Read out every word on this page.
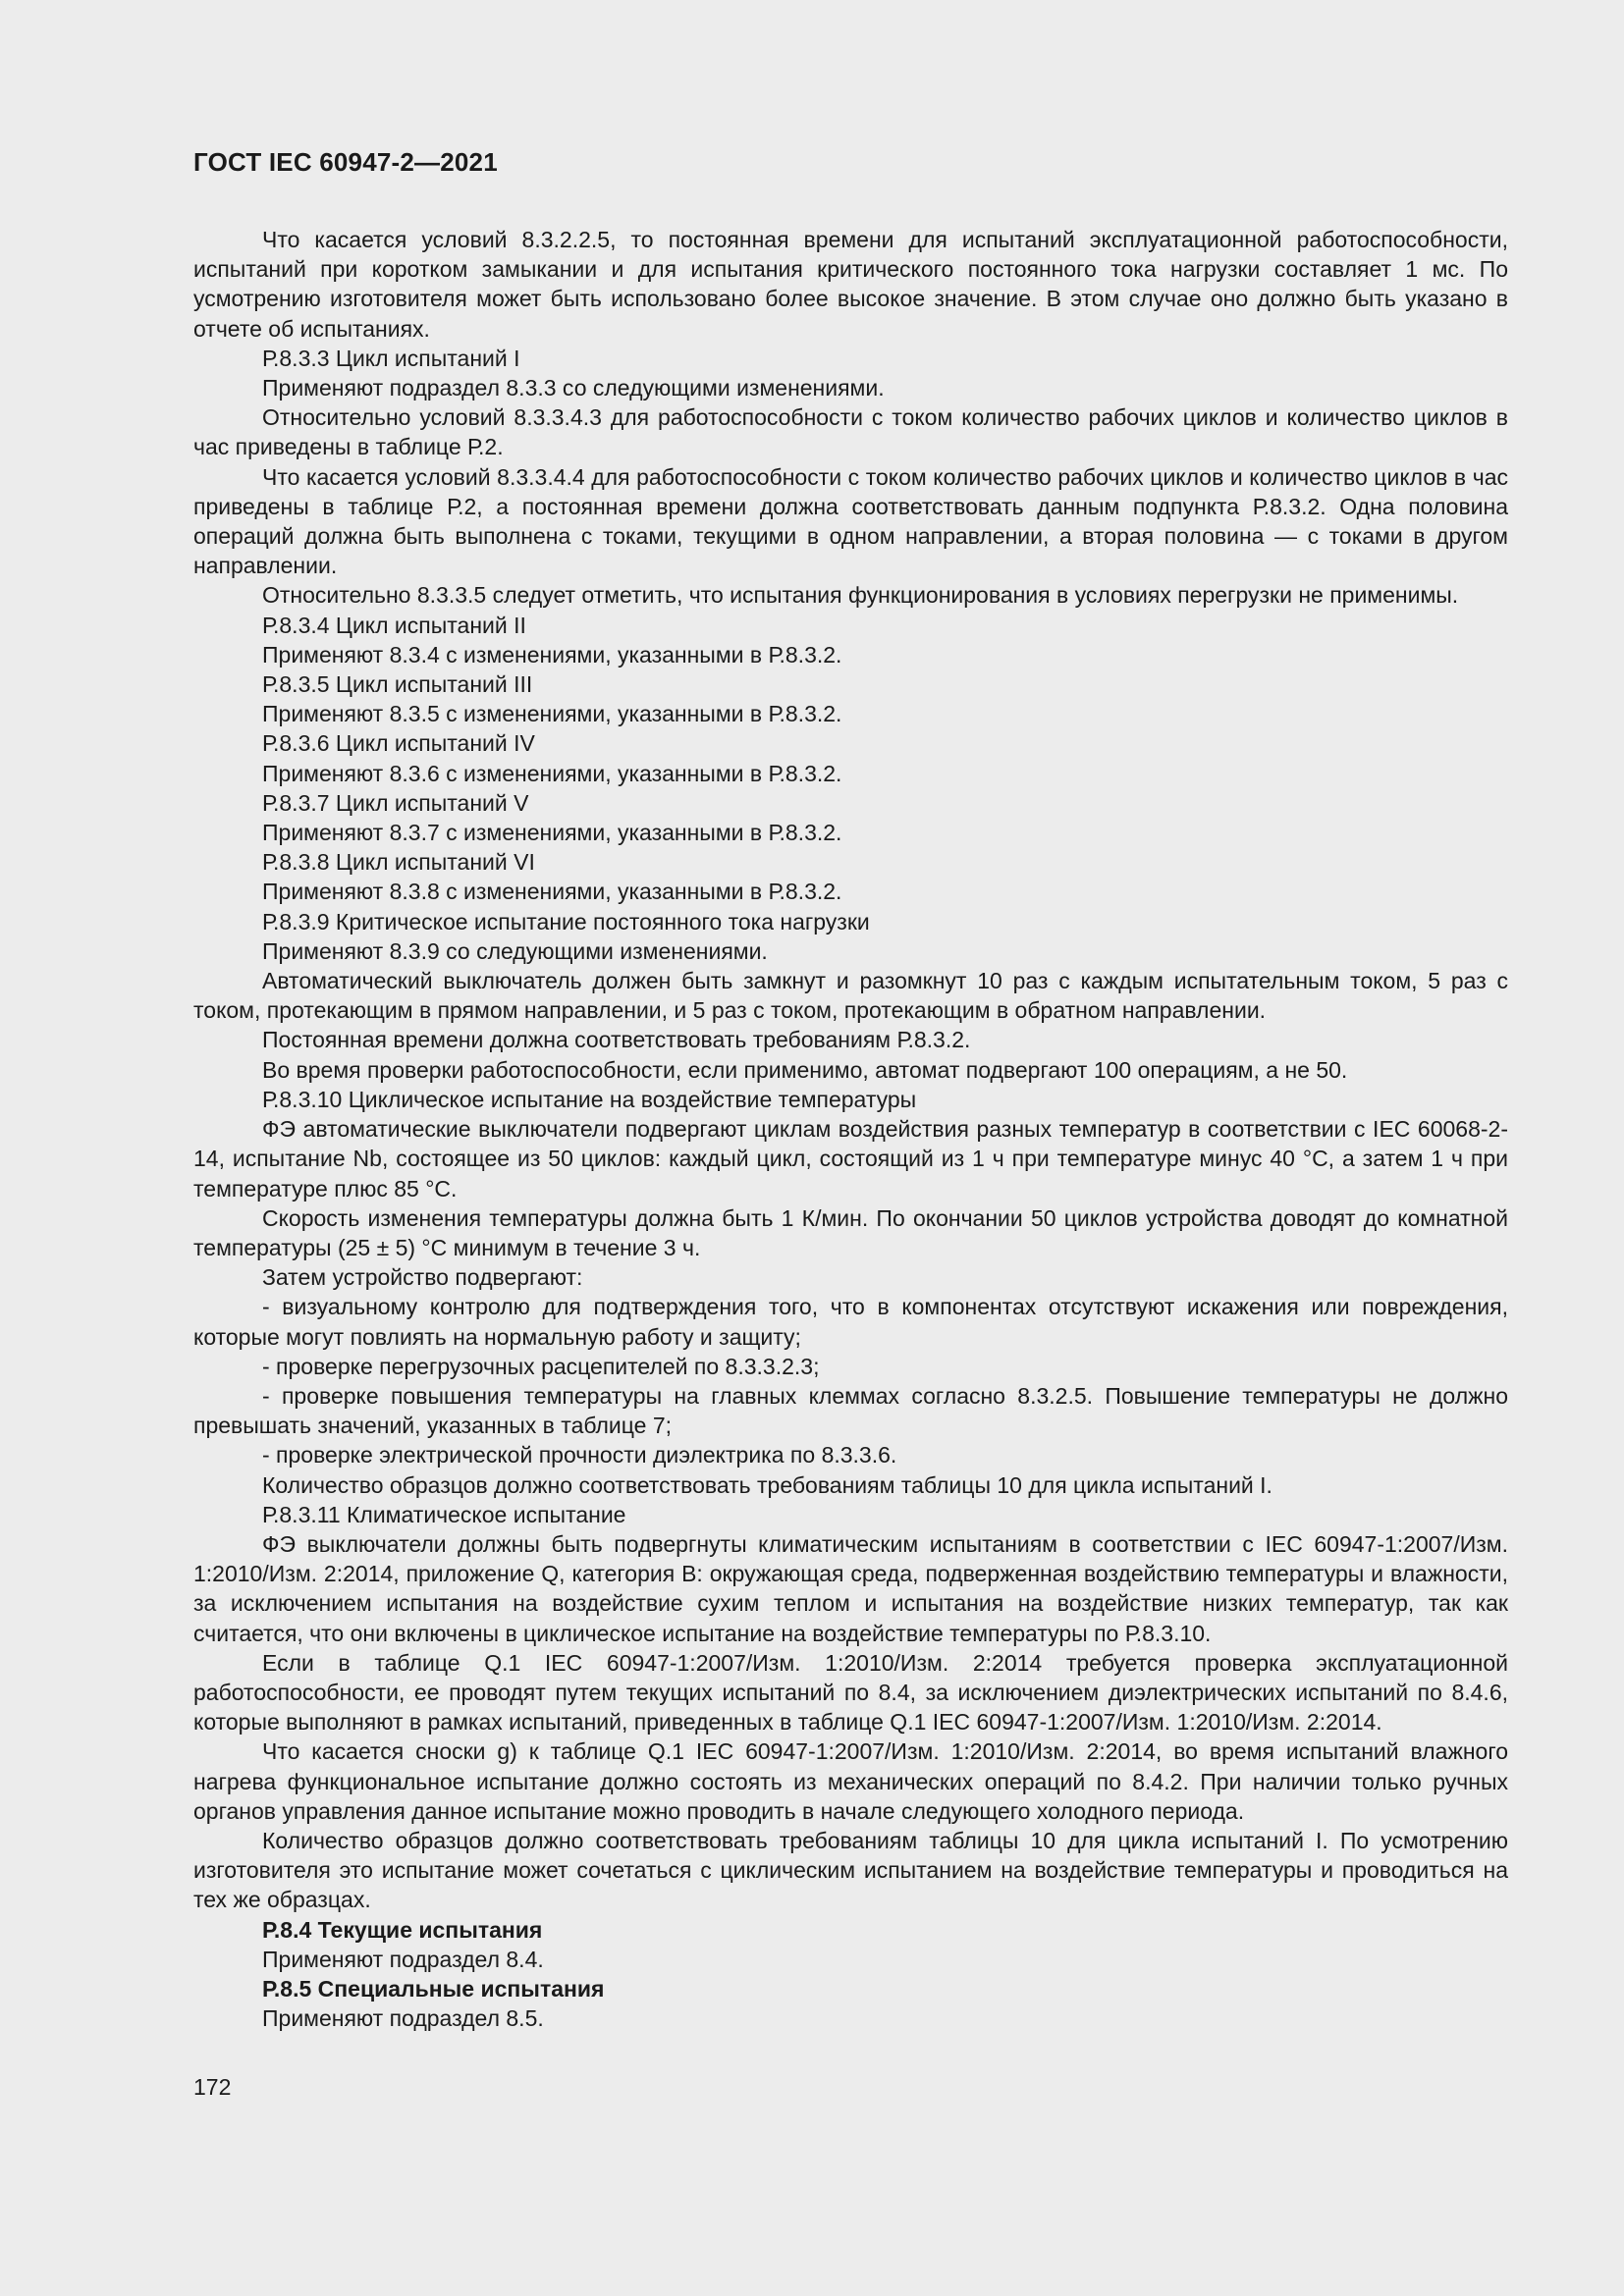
ГОСТ IEC 60947-2—2021

Что касается условий 8.3.2.2.5, то постоянная времени для испытаний эксплуатационной работоспособности, испытаний при коротком замыкании и для испытания критического постоянного тока нагрузки составляет 1 мс. По усмотрению изготовителя может быть использовано более высокое значение. В этом случае оно должно быть указано в отчете об испытаниях.

Р.8.3.3 Цикл испытаний I

Применяют подраздел 8.3.3 со следующими изменениями.

Относительно условий 8.3.3.4.3 для работоспособности с током количество рабочих циклов и количество циклов в час приведены в таблице Р.2.

Что касается условий 8.3.3.4.4 для работоспособности с током количество рабочих циклов и количество циклов в час приведены в таблице Р.2, а постоянная времени должна соответствовать данным подпункта Р.8.3.2. Одна половина операций должна быть выполнена с токами, текущими в одном направлении, а вторая половина — с токами в другом направлении.

Относительно 8.3.3.5 следует отметить, что испытания функционирования в условиях перегрузки не применимы.

Р.8.3.4 Цикл испытаний II

Применяют 8.3.4 с изменениями, указанными в Р.8.3.2.

Р.8.3.5 Цикл испытаний III

Применяют 8.3.5 с изменениями, указанными в Р.8.3.2.

Р.8.3.6 Цикл испытаний IV

Применяют 8.3.6 с изменениями, указанными в Р.8.3.2.

Р.8.3.7 Цикл испытаний V

Применяют 8.3.7 с изменениями, указанными в Р.8.3.2.

Р.8.3.8 Цикл испытаний VI

Применяют 8.3.8 с изменениями, указанными в Р.8.3.2.

Р.8.3.9 Критическое испытание постоянного тока нагрузки

Применяют 8.3.9 со следующими изменениями.

Автоматический выключатель должен быть замкнут и разомкнут 10 раз с каждым испытательным током, 5 раз с током, протекающим в прямом направлении, и 5 раз с током, протекающим в обратном направлении.

Постоянная времени должна соответствовать требованиям Р.8.3.2.

Во время проверки работоспособности, если применимо, автомат подвергают 100 операциям, а не 50.

Р.8.3.10 Циклическое испытание на воздействие температуры

ФЭ автоматические выключатели подвергают циклам воздействия разных температур в соответствии с IEC 60068-2-14, испытание Nb, состоящее из 50 циклов: каждый цикл, состоящий из 1 ч при температуре минус 40 °С, а затем 1 ч при температуре плюс 85 °С.

Скорость изменения температуры должна быть 1 К/мин. По окончании 50 циклов устройства доводят до комнатной температуры (25 ± 5) °С минимум в течение 3 ч.

Затем устройство подвергают:

- визуальному контролю для подтверждения того, что в компонентах отсутствуют искажения или повреждения, которые могут повлиять на нормальную работу и защиту;

- проверке перегрузочных расцепителей по 8.3.3.2.3;

- проверке повышения температуры на главных клеммах согласно 8.3.2.5. Повышение температуры не должно превышать значений, указанных в таблице 7;

- проверке электрической прочности диэлектрика по 8.3.3.6.

Количество образцов должно соответствовать требованиям таблицы 10 для цикла испытаний I.

Р.8.3.11 Климатическое испытание

ФЭ выключатели должны быть подвергнуты климатическим испытаниям в соответствии с IEC 60947-1:2007/Изм. 1:2010/Изм. 2:2014, приложение Q, категория В: окружающая среда, подверженная воздействию температуры и влажности, за исключением испытания на воздействие сухим теплом и испытания на воздействие низких температур, так как считается, что они включены в циклическое испытание на воздействие температуры по Р.8.3.10.

Если в таблице Q.1 IEC 60947-1:2007/Изм. 1:2010/Изм. 2:2014 требуется проверка эксплуатационной работоспособности, ее проводят путем текущих испытаний по 8.4, за исключением диэлектрических испытаний по 8.4.6, которые выполняют в рамках испытаний, приведенных в таблице Q.1 IEC 60947-1:2007/Изм. 1:2010/Изм. 2:2014.

Что касается сноски g) к таблице Q.1 IEC 60947-1:2007/Изм. 1:2010/Изм. 2:2014, во время испытаний влажного нагрева функциональное испытание должно состоять из механических операций по 8.4.2. При наличии только ручных органов управления данное испытание можно проводить в начале следующего холодного периода.

Количество образцов должно соответствовать требованиям таблицы 10 для цикла испытаний I. По усмотрению изготовителя это испытание может сочетаться с циклическим испытанием на воздействие температуры и проводиться на тех же образцах.

Р.8.4 Текущие испытания

Применяют подраздел 8.4.

Р.8.5 Специальные испытания

Применяют подраздел 8.5.

172
